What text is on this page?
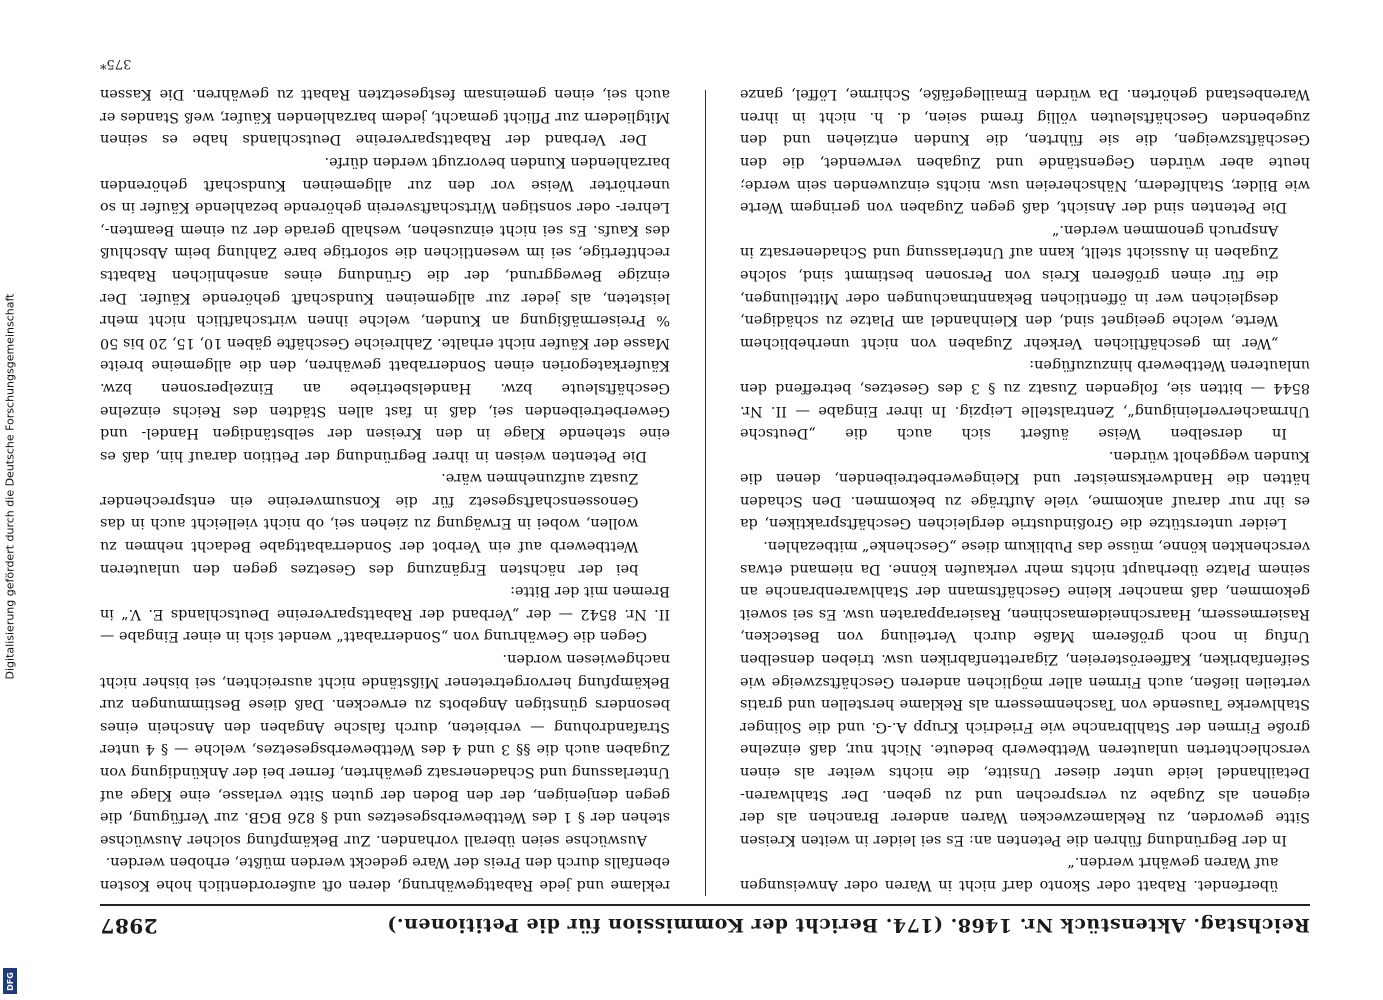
Digitalisierung gefördert durch die Deutsche Forschungsgemeinschaft
DFG
Reichstag. Aktenstück Nr. 1468. (174. Bericht der Kommission für die Petitionen.)
2987

überfendet. Rabatt oder Skonto darf nicht in Waren oder Anweisungen auf Waren gewährt werden.“

In der Begründung führen die Petenten an: Es sei leider in weiten Kreisen Sitte geworden, zu Reklamezwecken Waren anderer Branchen als der eigenen als Zugabe zu versprechen und zu geben. Der Stahlwaren-Detailhandel leide unter dieser Unsitte, die nichts weiter als einen verschlechterten unlauteren Wettbewerb bedeute. Nicht nur, daß einzelne große Firmen der Stahlbranche wie Friedrich Krupp A.-G. und die Solinger Stahlwerke Tausende von Taschenmessern als Reklame herstellen und gratis verteilen ließen, auch Firmen aller möglichen anderen Geschäftszweige wie Seifenfabriken, Kaffeeröstereien, Zigarettenfabriken usw. trieben denselben Unfug in noch größerem Maße durch Verteilung von Bestecken, Rasiermessern, Haarschneidemaschinen, Rasierapparaten usw. Es sei soweit gekommen, daß mancher kleine Geschäftsmann der Stahlwarenbranche an seinem Platze überhaupt nichts mehr verkaufen könne. Da niemand etwas verschenkten könne, müsse das Publikum diese „Geschenke“ mitbezahlen.

Leider unterstütze die Großindustrie dergleichen Geschäftspraktiken, da es ihr nur darauf ankomme, viele Aufträge zu bekommen. Den Schaden hätten die Handwerksmeister und Kleingewerbetreibenden, denen die Kunden weggeholt würden.

In derselben Weise äußert sich auch die „Deutsche Uhrmacherverleinigung“, Zentralstelle Leipzig. In ihrer Eingabe — II. Nr. 8544 — bitten sie, folgenden Zusatz zu § 3 des Gesetzes, betreffend den unlauteren Wettbewerb hinzuzufügen:

„Wer im geschäftlichen Verkehr Zugaben von nicht unerheblichem Werte, welche geeignet sind, den Kleinhandel am Platze zu schädigen, desgleichen wer in öffentlichen Bekanntmachungen oder Mitteilungen, die für einen größeren Kreis von Personen bestimmt sind, solche Zugaben in Aussicht stellt, kann auf Unterlassung und Schadenersatz in Anspruch genommen werden.“

Die Petenten sind der Ansicht, daß gegen Zugaben von geringem Werte wie Bilder, Stahlfedern, Nähschereien usw. nichts einzuwenden sein werde; heute aber würden Gegenstände und Zugaben verwendet, die den Geschäftszweigen, die sie führten, die Kunden entziehen und den zugebenden Geschäftsleuten völlig fremd seien, d. h. nicht in ihren Warenbestand gehörten. Da würden Emaillegefäße, Schirme, Löffel, ganze

reklame und jede Rabattgewährung, deren oft außerordentlich hohe Kosten ebenfalls durch den Preis der Ware gedeckt werden müßte, erhoben werden.

Auswüchse seien überall vorhanden. Zur Bekämpfung solcher Auswüchse stehen der § 1 des Wettbewerbsgesetzes und § 826 BGB. zur Verfügung, die gegen denjenigen, der den Boden der guten Sitte verlasse, eine Klage auf Unterlassung und Schadenersatz gewährten, ferner bei der Ankündigung von Zugaben auch die §§ 3 und 4 des Wettbewerbsgesetzes, welche — § 4 unter Strafandrohung — verbieten, durch falsche Angaben den Anschein eines besonders günstigen Angebots zu erwecken. Daß diese Bestimmungen zur Bekämpfung hervorgetretener Mißstände nicht ausreichten, sei bisher nicht nachgewiesen worden.

Gegen die Gewährung von „Sonderrabatt“ wendet sich in einer Eingabe — II. Nr. 8542 — der „Verband der Rabattsparvereine Deutschlands E. V.“ in Bremen mit der Bitte:

bei der nächsten Ergänzung des Gesetzes gegen den unlauteren Wettbewerb auf ein Verbot der Sonderrabattgabe Bedacht nehmen zu wollen, wobei in Erwägung zu ziehen sei, ob nicht vielleicht auch in das Genossenschaftsgesetz für die Konsumvereine ein entsprechender Zusatz aufzunehmen wäre.

Die Petenten weisen in ihrer Begründung der Petition darauf hin, daß es eine stehende Klage in den Kreisen der selbständigen Handel- und Gewerbetreibenden sei, daß in fast allen Städten des Reichs einzelne Geschäftsleute bzw. Handelsbetriebe an Einzelpersonen bzw. Käuferkategorien einen Sonderrabatt gewähren, den die allgemeine breite Masse der Käufer nicht erhalte. Zahlreiche Geschäfte gäben 10, 15, 20 bis 50 % Preisermäßigung an Kunden, welche ihnen wirtschaftlich nicht mehr leisteten, als jeder zur allgemeinen Kundschaft gehörende Käufer. Der einzige Beweggrund, der die Gründung eines ansehnlichen Rabatts rechtfertige, sei im wesentlichen die sofortige bare Zahlung beim Abschluß des Kaufs. Es sei nicht einzusehen, weshalb gerade der zu einem Beamten-, Lehrer- oder sonstigen Wirtschaftsverein gehörende bezahlende Käufer in so unerhörter Weise vor den zur allgemeinen Kundschaft gehörenden barzahlenden Kunden bevorzugt werden dürfe.

Der Verband der Rabattsparvereine Deutschlands habe es seinen Mitgliedern zur Pflicht gemacht, jedem barzahlenden Käufer, weß Standes er auch sei, einen gemeinsam festgesetzten Rabatt zu gewähren. Die Kassen

375*
